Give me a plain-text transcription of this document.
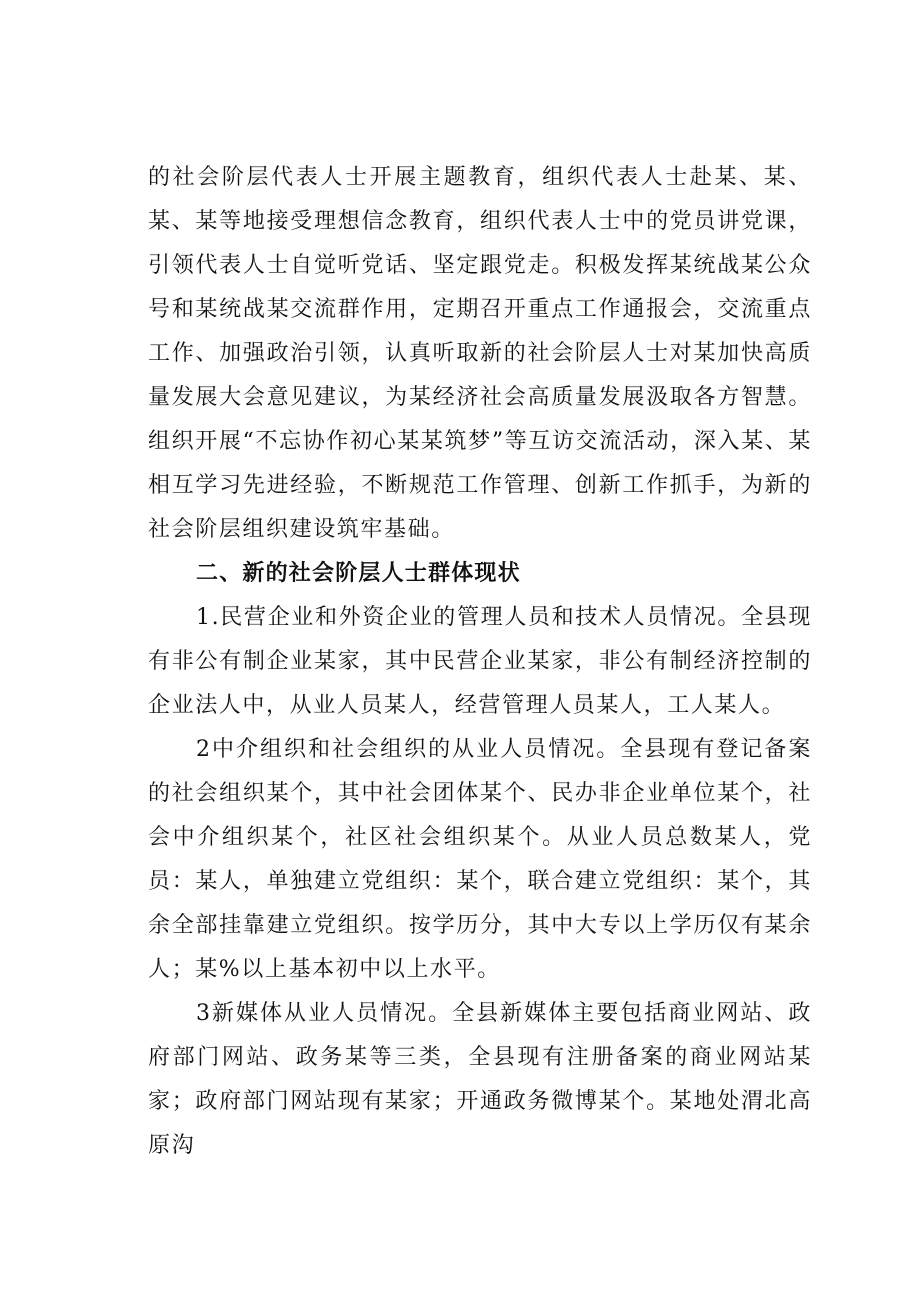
的社会阶层代表人士开展主题教育，组织代表人士赴某、某、某、某等地接受理想信念教育，组织代表人士中的党员讲党课，引领代表人士自觉听党话、坚定跟党走。积极发挥某统战某公众号和某统战某交流群作用，定期召开重点工作通报会，交流重点工作、加强政治引领，认真听取新的社会阶层人士对某加快高质量发展大会意见建议，为某经济社会高质量发展汲取各方智慧。组织开展“不忘协作初心某某筑梦”等互访交流活动，深入某、某相互学习先进经验，不断规范工作管理、创新工作抓手，为新的社会阶层组织建设筑牢基础。

二、新的社会阶层人士群体现状

1.民营企业和外资企业的管理人员和技术人员情况。全县现有非公有制企业某家，其中民营企业某家，非公有制经济控制的企业法人中，从业人员某人，经营管理人员某人，工人某人。

2中介组织和社会组织的从业人员情况。全县现有登记备案的社会组织某个，其中社会团体某个、民办非企业单位某个，社会中介组织某个，社区社会组织某个。从业人员总数某人，党员：某人，单独建立党组织：某个，联合建立党组织：某个，其余全部挂靠建立党组织。按学历分，其中大专以上学历仅有某余人；某%以上基本初中以上水平。

3新媒体从业人员情况。全县新媒体主要包括商业网站、政府部门网站、政务某等三类，全县现有注册备案的商业网站某家；政府部门网站现有某家；开通政务微博某个。某地处渭北高原沟
